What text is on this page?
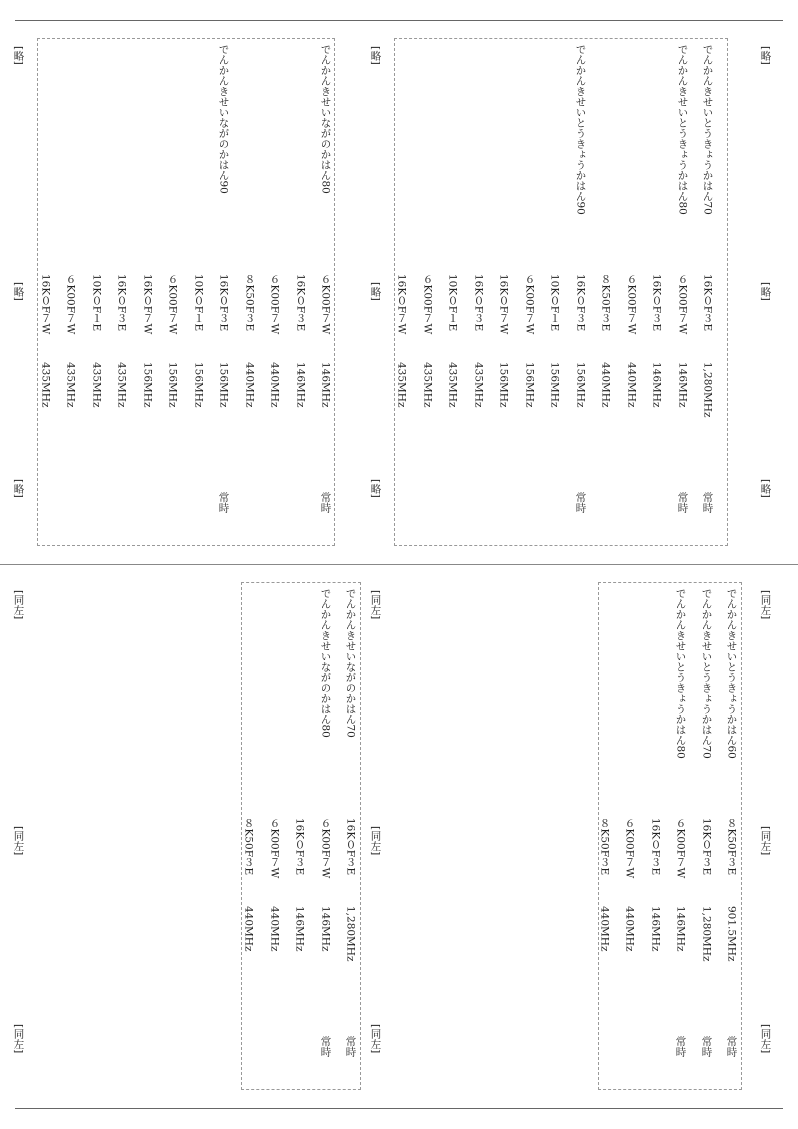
[略]
[略]
[略]
[略]
[略]
[略]
[略]
[略]
[略]
[同左]
[同左]
[同左]
[同左]
[同左]
[同左]
[同左]
[同左]
[同左]
でんかんきせいとうきょうかはん70
16K０F３E
1,280MHz
常時
でんかんきせいとうきょうかはん80
６K00F７W
146MHz
常時
16K０F３E
146MHz
６K00F７W
440MHz
８K50F３E
440MHz
でんかんきせいとうきょうかはん90
16K０F３E
156MHz
常時
10K０F１E
156MHz
６K00F７W
156MHz
16K０F７W
156MHz
16K０F３E
435MHz
10K０F１E
435MHz
６K00F７W
435MHz
16K０F７W
435MHz
でんかんきせいながのかはん80
６K00F７W
146MHz
常時
16K０F３E
146MHz
６K00F７W
440MHz
８K50F３E
440MHz
でんかんきせいながのかはん90
16K０F３E
156MHz
常時
10K０F１E
156MHz
６K00F７W
156MHz
16K０F７W
156MHz
16K０F３E
435MHz
10K０F１E
435MHz
６K00F７W
435MHz
16K０F７W
435MHz
でんかんきせいとうきょうかはん60
８K50F３E
901.5MHz
常時
でんかんきせいとうきょうかはん70
16K０F３E
1,280MHz
常時
でんかんきせいとうきょうかはん80
６K00F７W
146MHz
常時
16K０F３E
146MHz
６K00F７W
440MHz
８K50F３E
440MHz
でんかんきせいながのかはん70
16K０F３E
1,280MHz
常時
でんかんきせいながのかはん80
６K00F７W
146MHz
常時
16K０F３E
146MHz
６K00F７W
440MHz
８K50F３E
440MHz
